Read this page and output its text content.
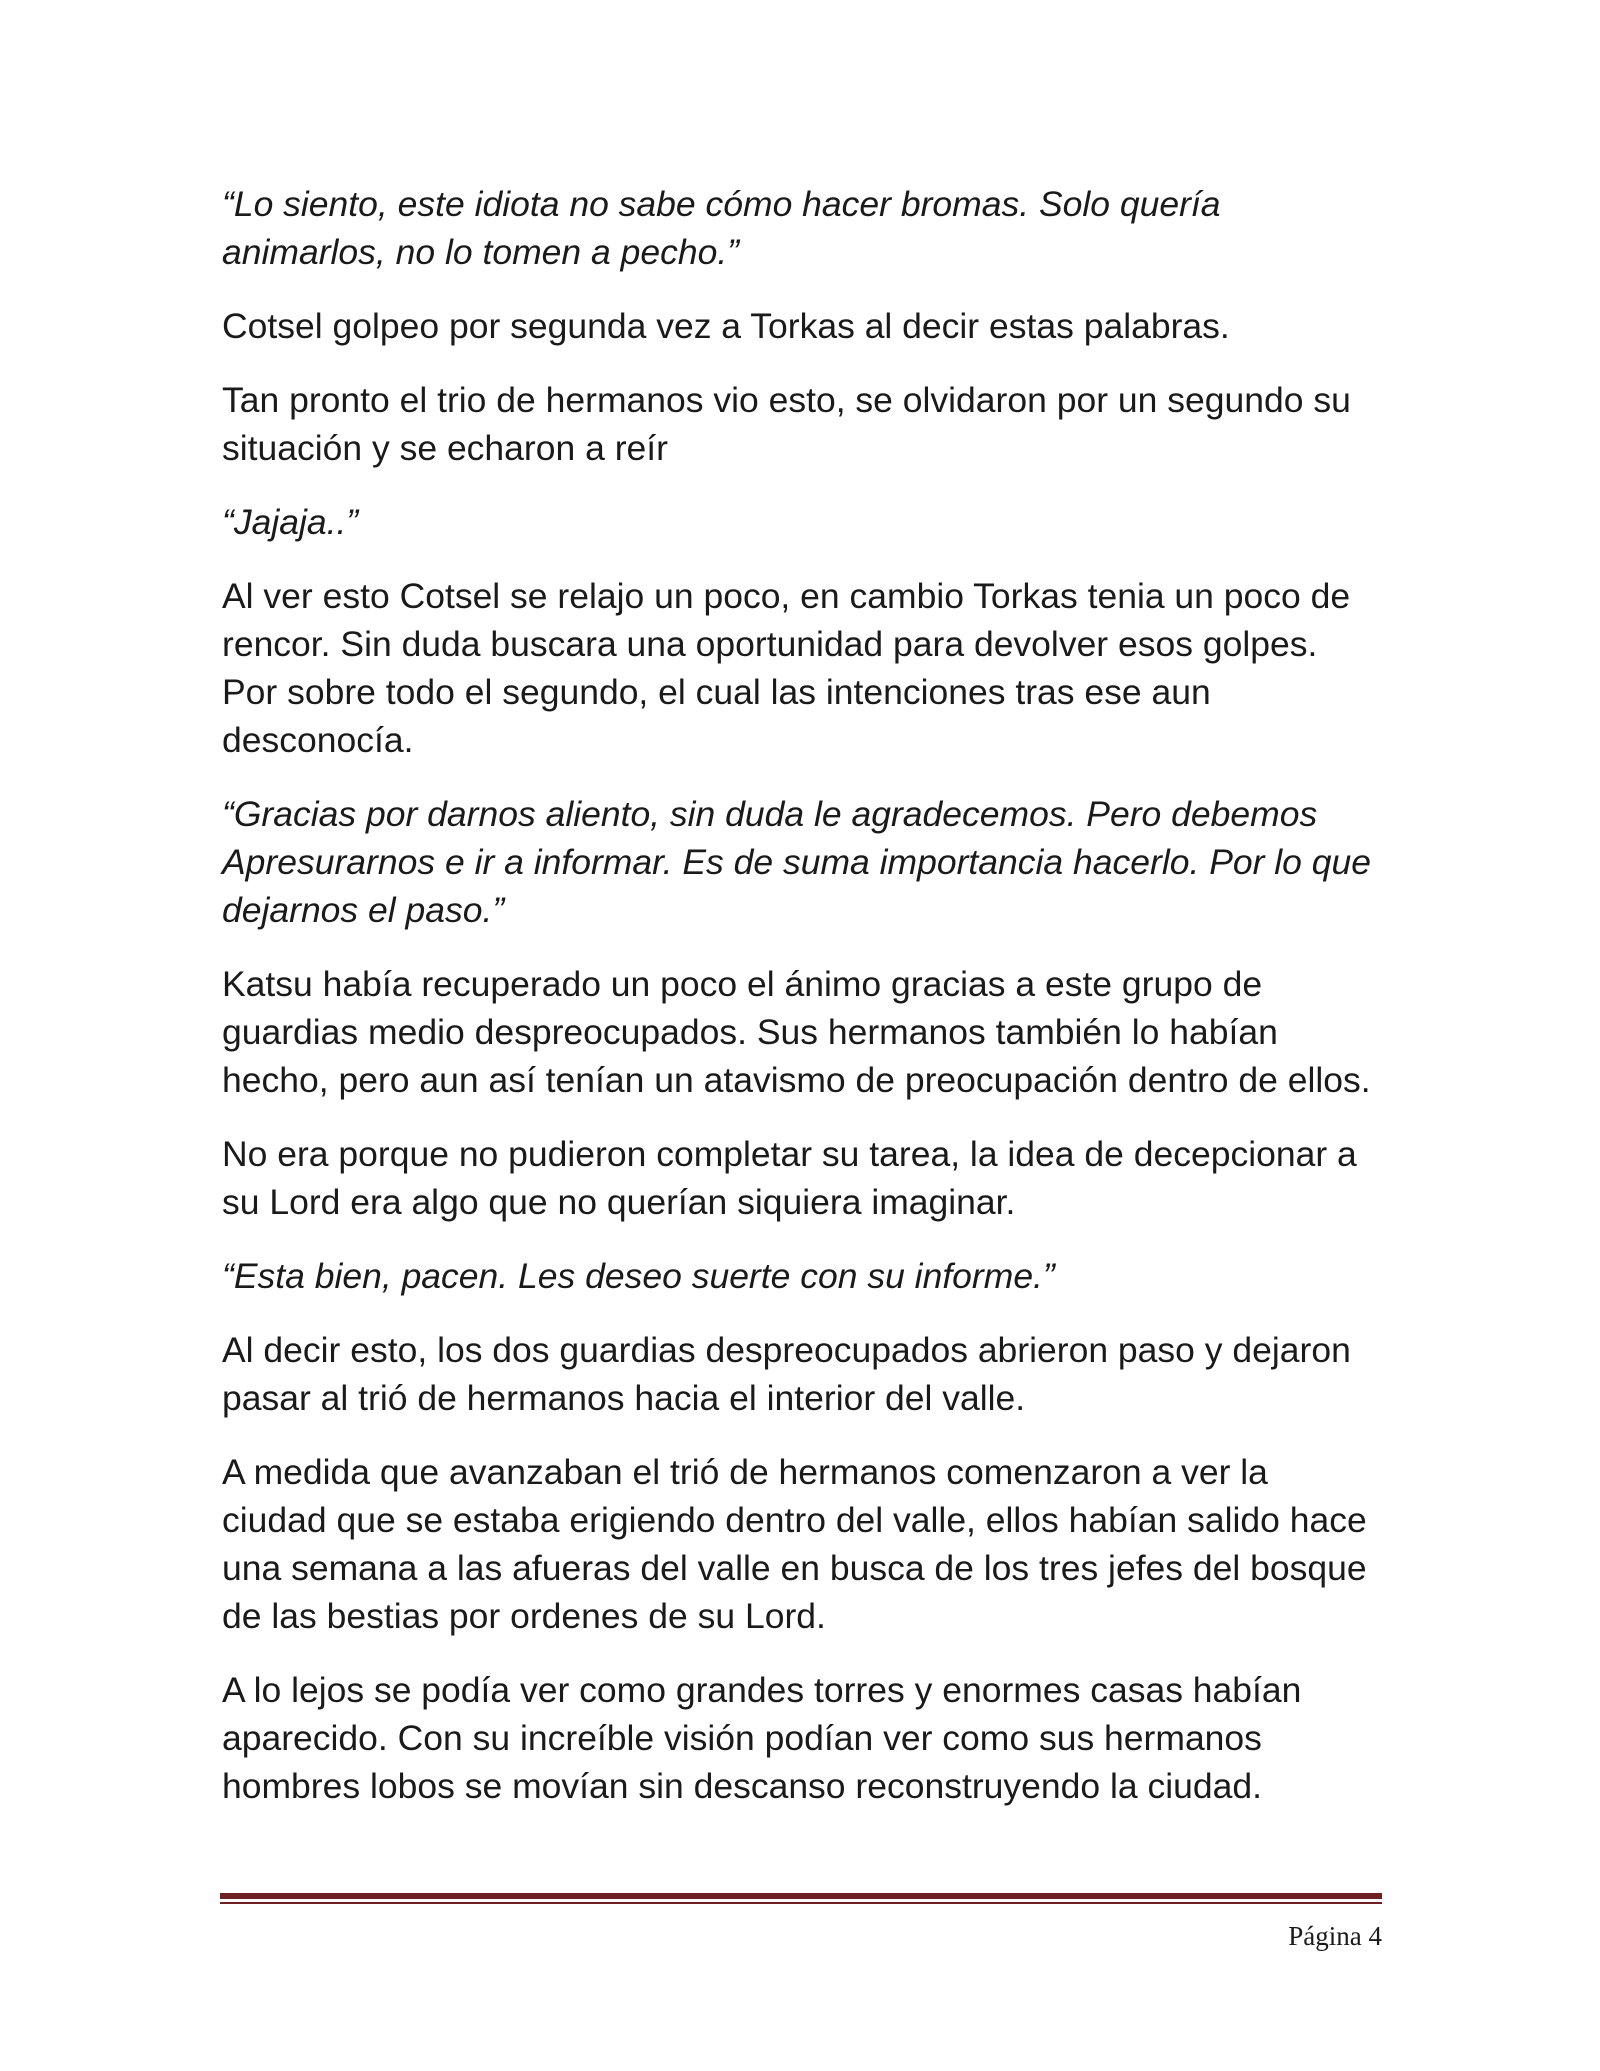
“Lo siento, este idiota no sabe cómo hacer bromas. Solo quería animarlos, no lo tomen a pecho.”

Cotsel golpeo por segunda vez a Torkas al decir estas palabras.

Tan pronto el trio de hermanos vio esto, se olvidaron por un segundo su situación y se echaron a reír

“Jajaja..”

Al ver esto Cotsel se relajo un poco, en cambio Torkas tenia un poco de rencor. Sin duda buscara una oportunidad para devolver esos golpes. Por sobre todo el segundo, el cual las intenciones tras ese aun desconocía.

“Gracias por darnos aliento, sin duda le agradecemos. Pero debemos Apresurarnos e ir a informar. Es de suma importancia hacerlo. Por lo que dejarnos el paso.”

Katsu había recuperado un poco el ánimo gracias a este grupo de guardias medio despreocupados. Sus hermanos también lo habían hecho, pero aun así tenían un atavismo de preocupación dentro de ellos.

No era porque no pudieron completar su tarea, la idea de decepcionar a su Lord era algo que no querían siquiera imaginar.

“Esta bien, pacen. Les deseo suerte con su informe.”

Al decir esto, los dos guardias despreocupados abrieron paso y dejaron pasar al trió de hermanos hacia el interior del valle.

A medida que avanzaban el trió de hermanos comenzaron a ver la ciudad que se estaba erigiendo dentro del valle, ellos habían salido hace una semana a las afueras del valle en busca de los tres jefes del bosque de las bestias por ordenes de su Lord.

A lo lejos se podía ver como grandes torres y enormes casas habían aparecido. Con su increíble visión podían ver como sus hermanos hombres lobos se movían sin descanso reconstruyendo la ciudad.

Página 4
